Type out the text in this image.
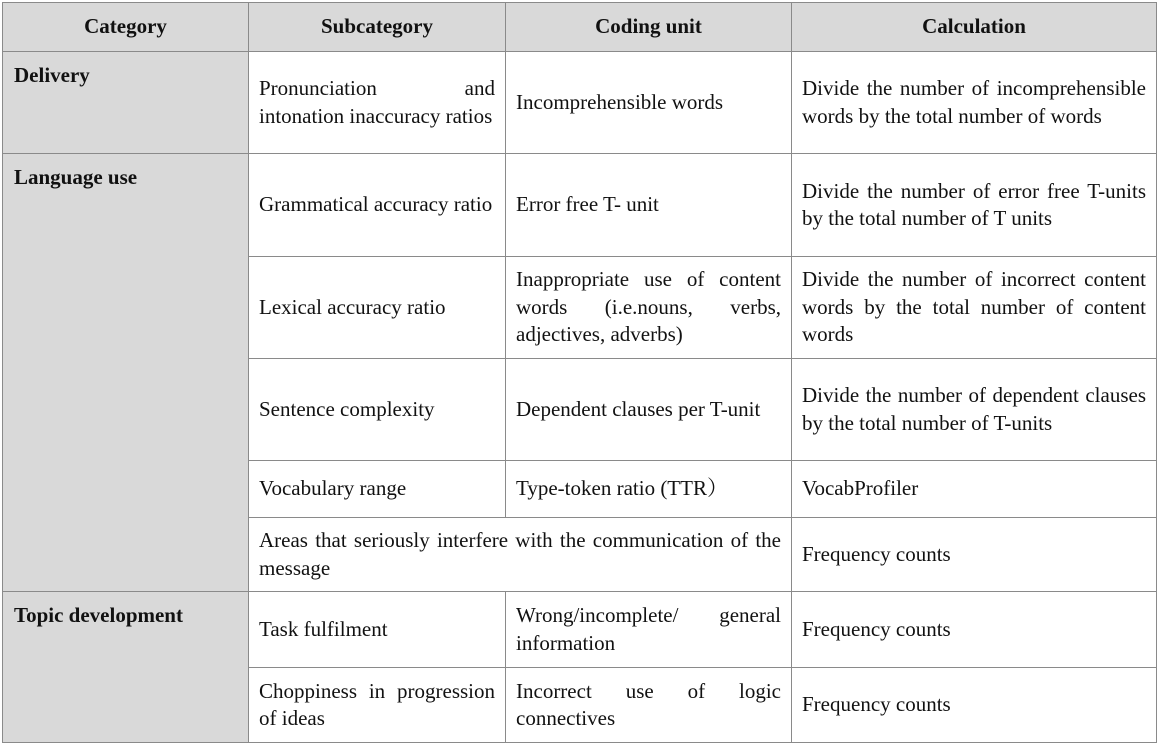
Category	Subcategory	Coding unit	Calculation
Delivery	Pronunciation and intonation inaccuracy ratios	Incomprehensible words	Divide the number of incomprehensible words by the total number of words
Language use	Grammatical accuracy ratio	Error free T- unit	Divide the number of error free T-units by the total number of T units
	Lexical accuracy ratio	Inappropriate use of content words (i.e.nouns, verbs, adjectives, adverbs)	Divide the number of incorrect content words by the total number of content words
	Sentence complexity	Dependent clauses per T-unit	Divide the number of dependent clauses by the total number of T-units
	Vocabulary range	Type-token ratio (TTR）	VocabProfiler
	Areas that seriously interfere with the communication of the message		Frequency counts
Topic development	Task fulfilment	Wrong/incomplete/ general information	Frequency counts
	Choppiness in progression of ideas	Incorrect use of logic connectives	Frequency counts
